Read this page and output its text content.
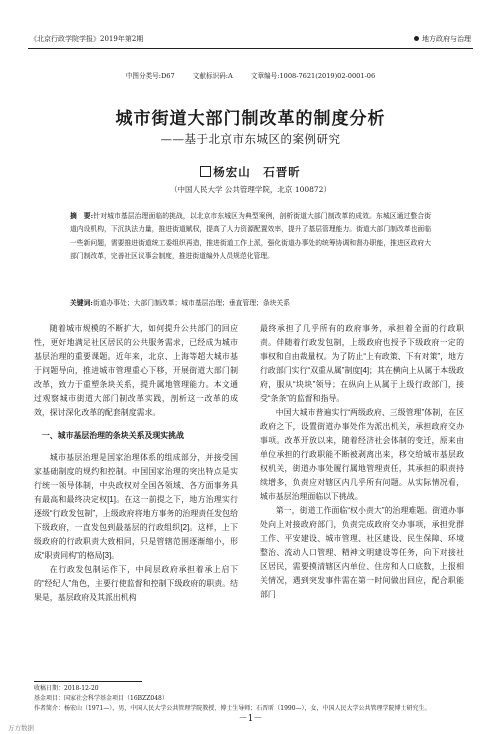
《北京行政学院学报》2019年第2期	地方政府与治理
中图分类号:D67	文献标识码:A	文章编号:1008-7621(2019)02-0001-06
城市街道大部门制改革的制度分析
——基于北京市东城区的案例研究
杨宏山　石晋昕
（中国人民大学 公共管理学院，北京 100872）
摘　要:针对城市基层治理面临的挑战，以北京市东城区为典型案例，剖析街道大部门制改革的成效。东城区通过整合街道内设机构，下沉执法力量，推进街道赋权，提高了人力资源配置效率，提升了基层管理能力。街道大部门制改革也面临一些新问题，需要推进街道统工委组织再造，推进街道工作上派，强化街道办事处的统筹协调和督办职能，推进区政府大部门制改革，完善社区议事会制度，推进街道编外人员规范化管理。
关键词:街道办事处；大部门制改革；城市基层治理；垂直管理；条块关系

随着城市规模的不断扩大，如何提升公共部门的回应性，更好地满足社区居民的公共服务需求，已经成为城市基层治理的重要课题。近年来，北京、上海等超大城市基于问题导向，推进城市管理重心下移，开展街道大部门制改革，致力于重塑条块关系，提升属地管理能力。本文通过观察城市街道大部门制改革实践，剖析这一改革的成效，探讨深化改革的配套制度需求。

一、城市基层治理的条块关系及现实挑战

城市基层治理是国家治理体系的组成部分，并接受国家基础制度的规约和控制。中国国家治理的突出特点是实行统一领导体制，中央政权对全国各领域、各方面事务具有最高和最终决定权[1]。在这一前提之下，地方治理实行逐级“行政发包制”，上级政府将地方事务的治理责任发包给下级政府，一直发包到最基层的行政组织[2]。这样，上下级政府的行政职责大致相同，只是管辖范围逐渐缩小，形成“职责同构”的格局[3]。

在行政发包制运作下，中间层政府承担着承上启下的“经纪人”角色，主要行使监督和控制下级政府的职责。结果是，基层政府及其派出机构

最终承担了几乎所有的政府事务，承担着全面的行政职责。伴随着行政发包制，上级政府也授予下级政府一定的事权和自由裁量权。为了防止“上有政策、下有对策”，地方行政部门实行“双重从属”制度[4]；其在横向上从属于本级政府，服从“块块”领导；在纵向上从属于上级行政部门，接受“条条”的监督和指导。

中国大城市普遍实行“两级政府、三级管理”体制，在区政府之下，设置街道办事处作为派出机关，承担政府交办事项。改革开放以来，随着经济社会体制的变迁，原来由单位承担的行政职能不断被剥离出来，移交给城市基层政权机关，街道办事处履行属地管理责任，其承担的职责持续增多，负责应对辖区内几乎所有问题。从实际情况看，城市基层治理面临以下挑战。

第一，街道工作面临“权小责大”的治理难题。街道办事处向上对接政府部门，负责完成政府交办事项，承担党群工作、平安建设、城市管理、社区建设、民生保障、环境整治、流动人口管理、精神文明建设等任务，向下对接社区居民，需要摸清辖区内单位、住房和人口底数，上报相关情况，遇到突发事件需在第一时间做出回应，配合职能部门

收稿日期：2018-12-20
基金项目：国家社会科学基金项目（16BZZ048）
作者简介：杨宏山（1971—），男，中国人民大学公共管理学院教授、博士生导师；石晋昕（1990—），女，中国人民大学公共管理学院博士研究生。
－1－
万方数据
